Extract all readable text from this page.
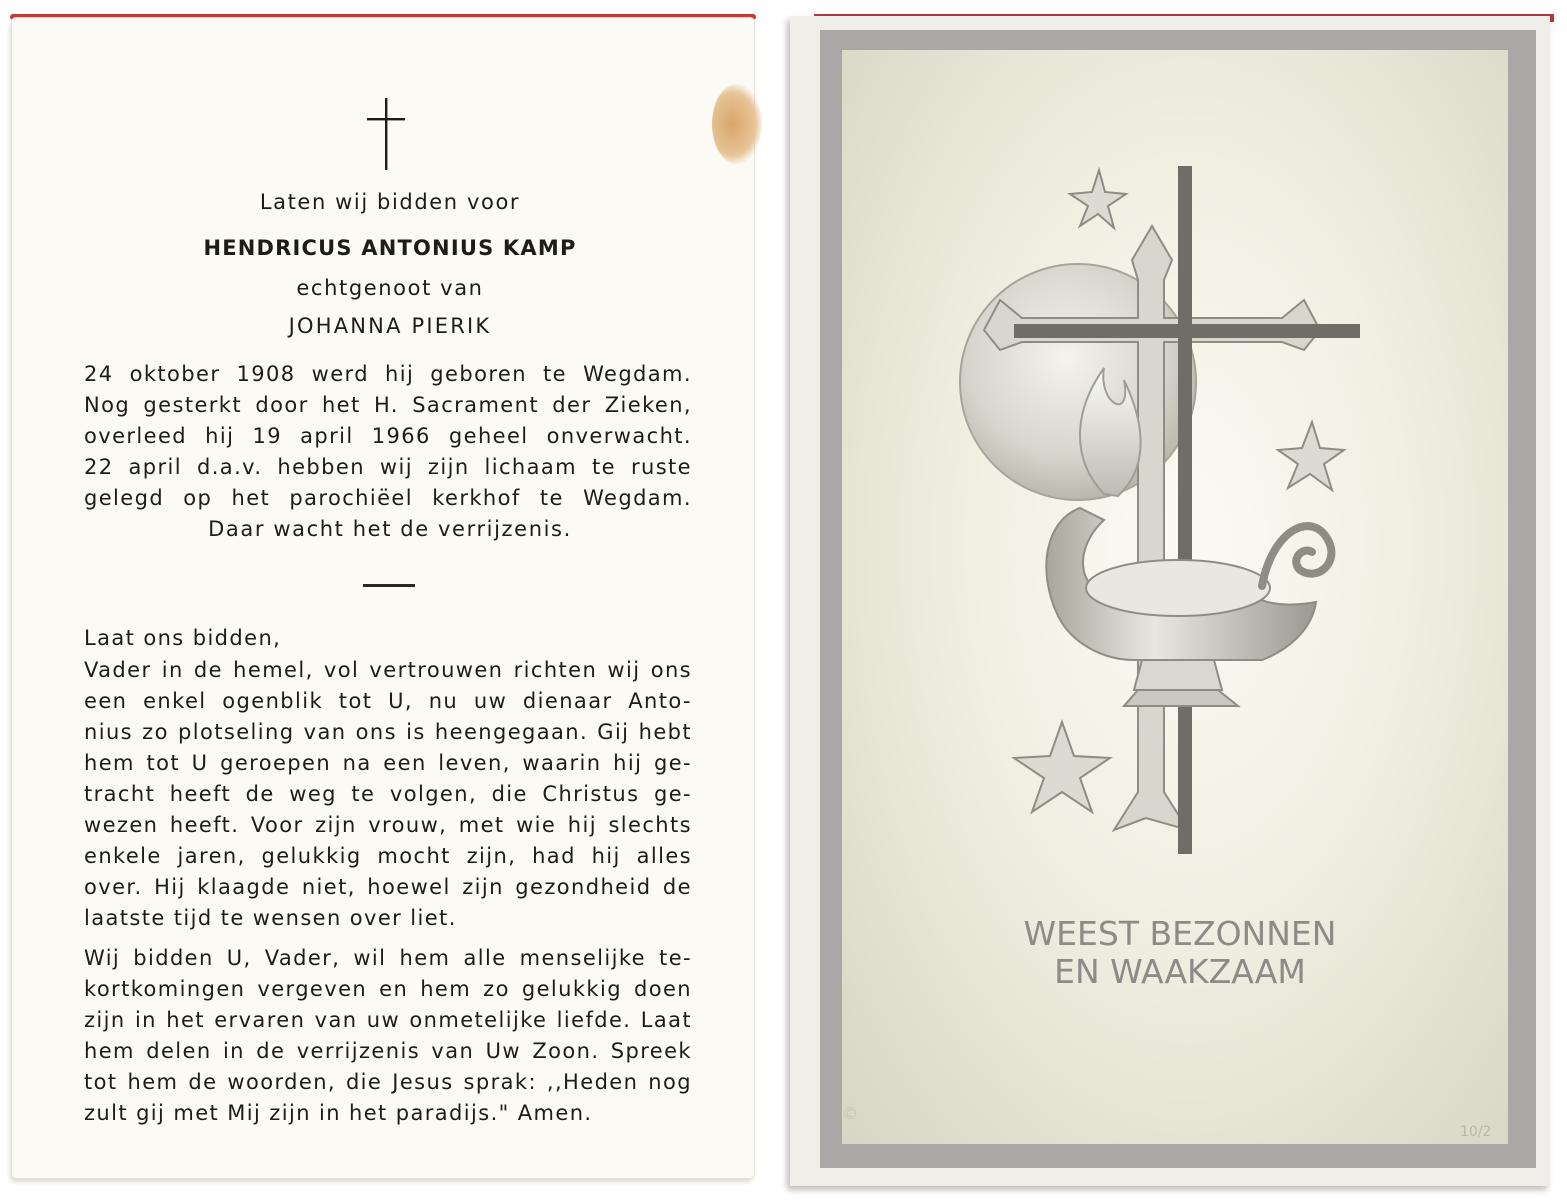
Laten wij bidden voor
HENDRICUS ANTONIUS KAMP
echtgenoot van
JOHANNA PIERIK
24 oktober 1908 werd hij geboren te Wegdam.
Nog gesterkt door het H. Sacrament der Zieken,
overleed hij 19 april 1966 geheel onverwacht.
22 april d.a.v. hebben wij zijn lichaam te ruste
gelegd op het parochiëel kerkhof te Wegdam.
Daar wacht het de verrijzenis.
Laat ons bidden,
Vader in de hemel, vol vertrouwen richten wij ons
een enkel ogenblik tot U, nu uw dienaar Anto-
nius zo plotseling van ons is heengegaan. Gij hebt
hem tot U geroepen na een leven, waarin hij ge-
tracht heeft de weg te volgen, die Christus ge-
wezen heeft. Voor zijn vrouw, met wie hij slechts
enkele jaren, gelukkig mocht zijn, had hij alles
over. Hij klaagde niet, hoewel zijn gezondheid de
laatste tijd te wensen over liet.
Wij bidden U, Vader, wil hem alle menselijke te-
kortkomingen vergeven en hem zo gelukkig doen
zijn in het ervaren van uw onmetelijke liefde. Laat
hem delen in de verrijzenis van Uw Zoon. Spreek
tot hem de woorden, die Jesus sprak: ,,Heden nog
zult gij met Mij zijn in het paradijs." Amen.
WEEST BEZONNEN
EN WAAKZAAM
©
10/2
